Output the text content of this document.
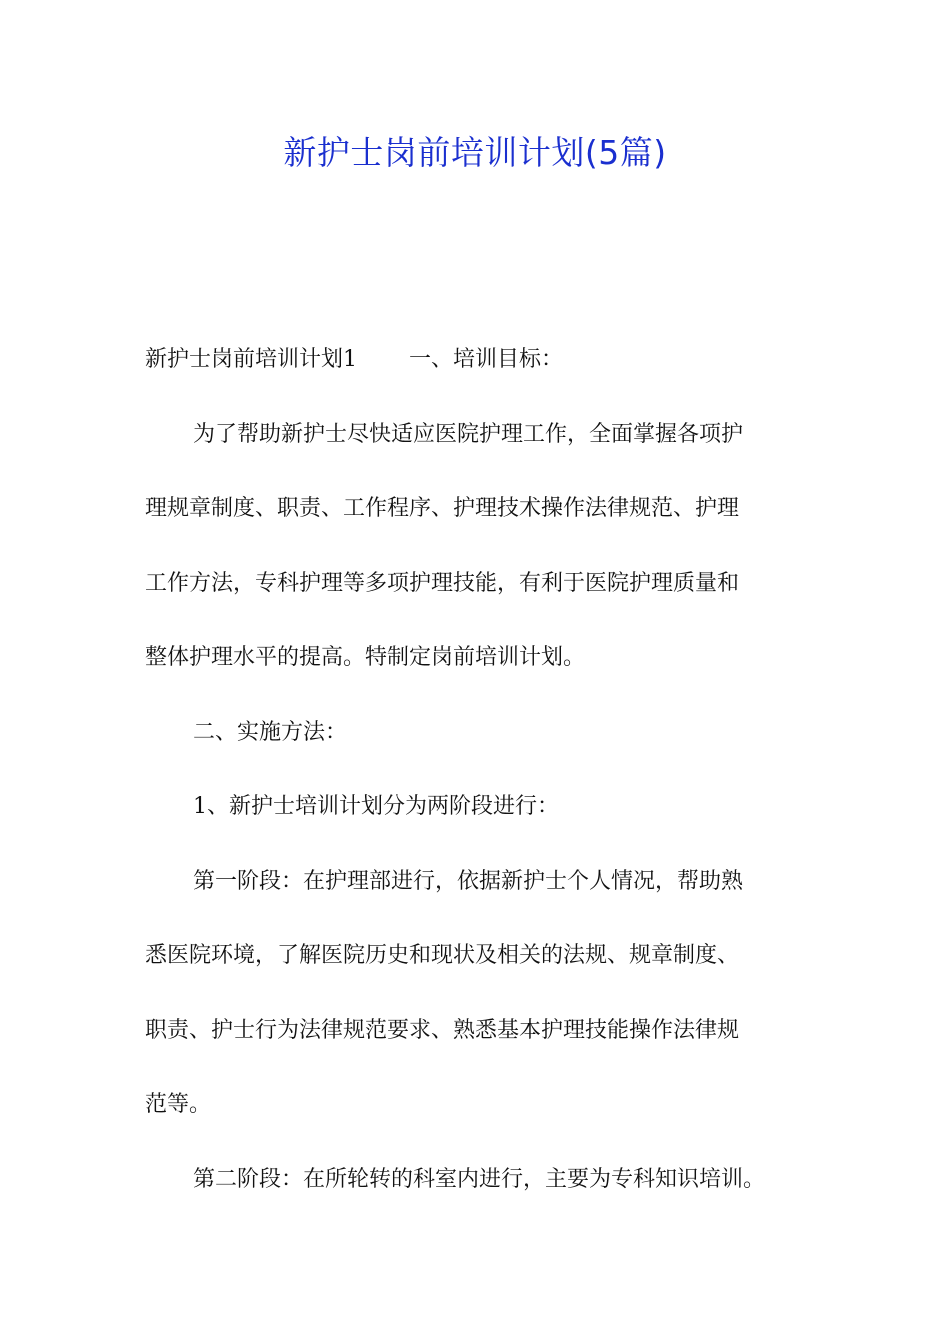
新护士岗前培训计划(5篇)

新护士岗前培训计划1 一、培训目标：

为了帮助新护士尽快适应医院护理工作，全面掌握各项护

理规章制度、职责、工作程序、护理技术操作法律规范、护理

工作方法，专科护理等多项护理技能，有利于医院护理质量和

整体护理水平的提高。特制定岗前培训计划。

二、实施方法：

1、新护士培训计划分为两阶段进行：

第一阶段：在护理部进行，依据新护士个人情况，帮助熟

悉医院环境，了解医院历史和现状及相关的法规、规章制度、

职责、护士行为法律规范要求、熟悉基本护理技能操作法律规

范等。

第二阶段：在所轮转的科室内进行，主要为专科知识培训。
